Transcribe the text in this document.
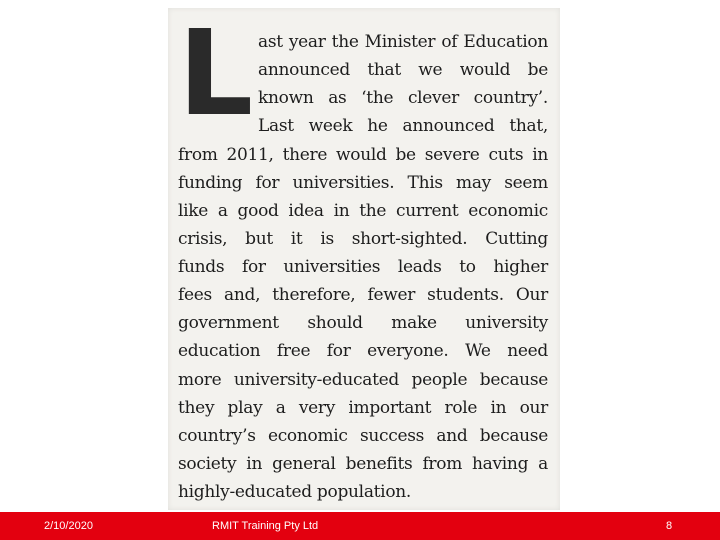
L ast year the Minister of Education
announced that we would be
known as ‘the clever country’.
Last week he announced that,
from 2011, there would be severe cuts in
funding for universities. This may seem
like a good idea in the current economic
crisis, but it is short-sighted. Cutting
funds for universities leads to higher
fees and, therefore, fewer students. Our
government should make university
education free for everyone. We need
more university-educated people because
they play a very important role in our
country’s economic success and because
society in general benefits from having a
highly-educated population.
2/10/2020	RMIT Training Pty Ltd	8
